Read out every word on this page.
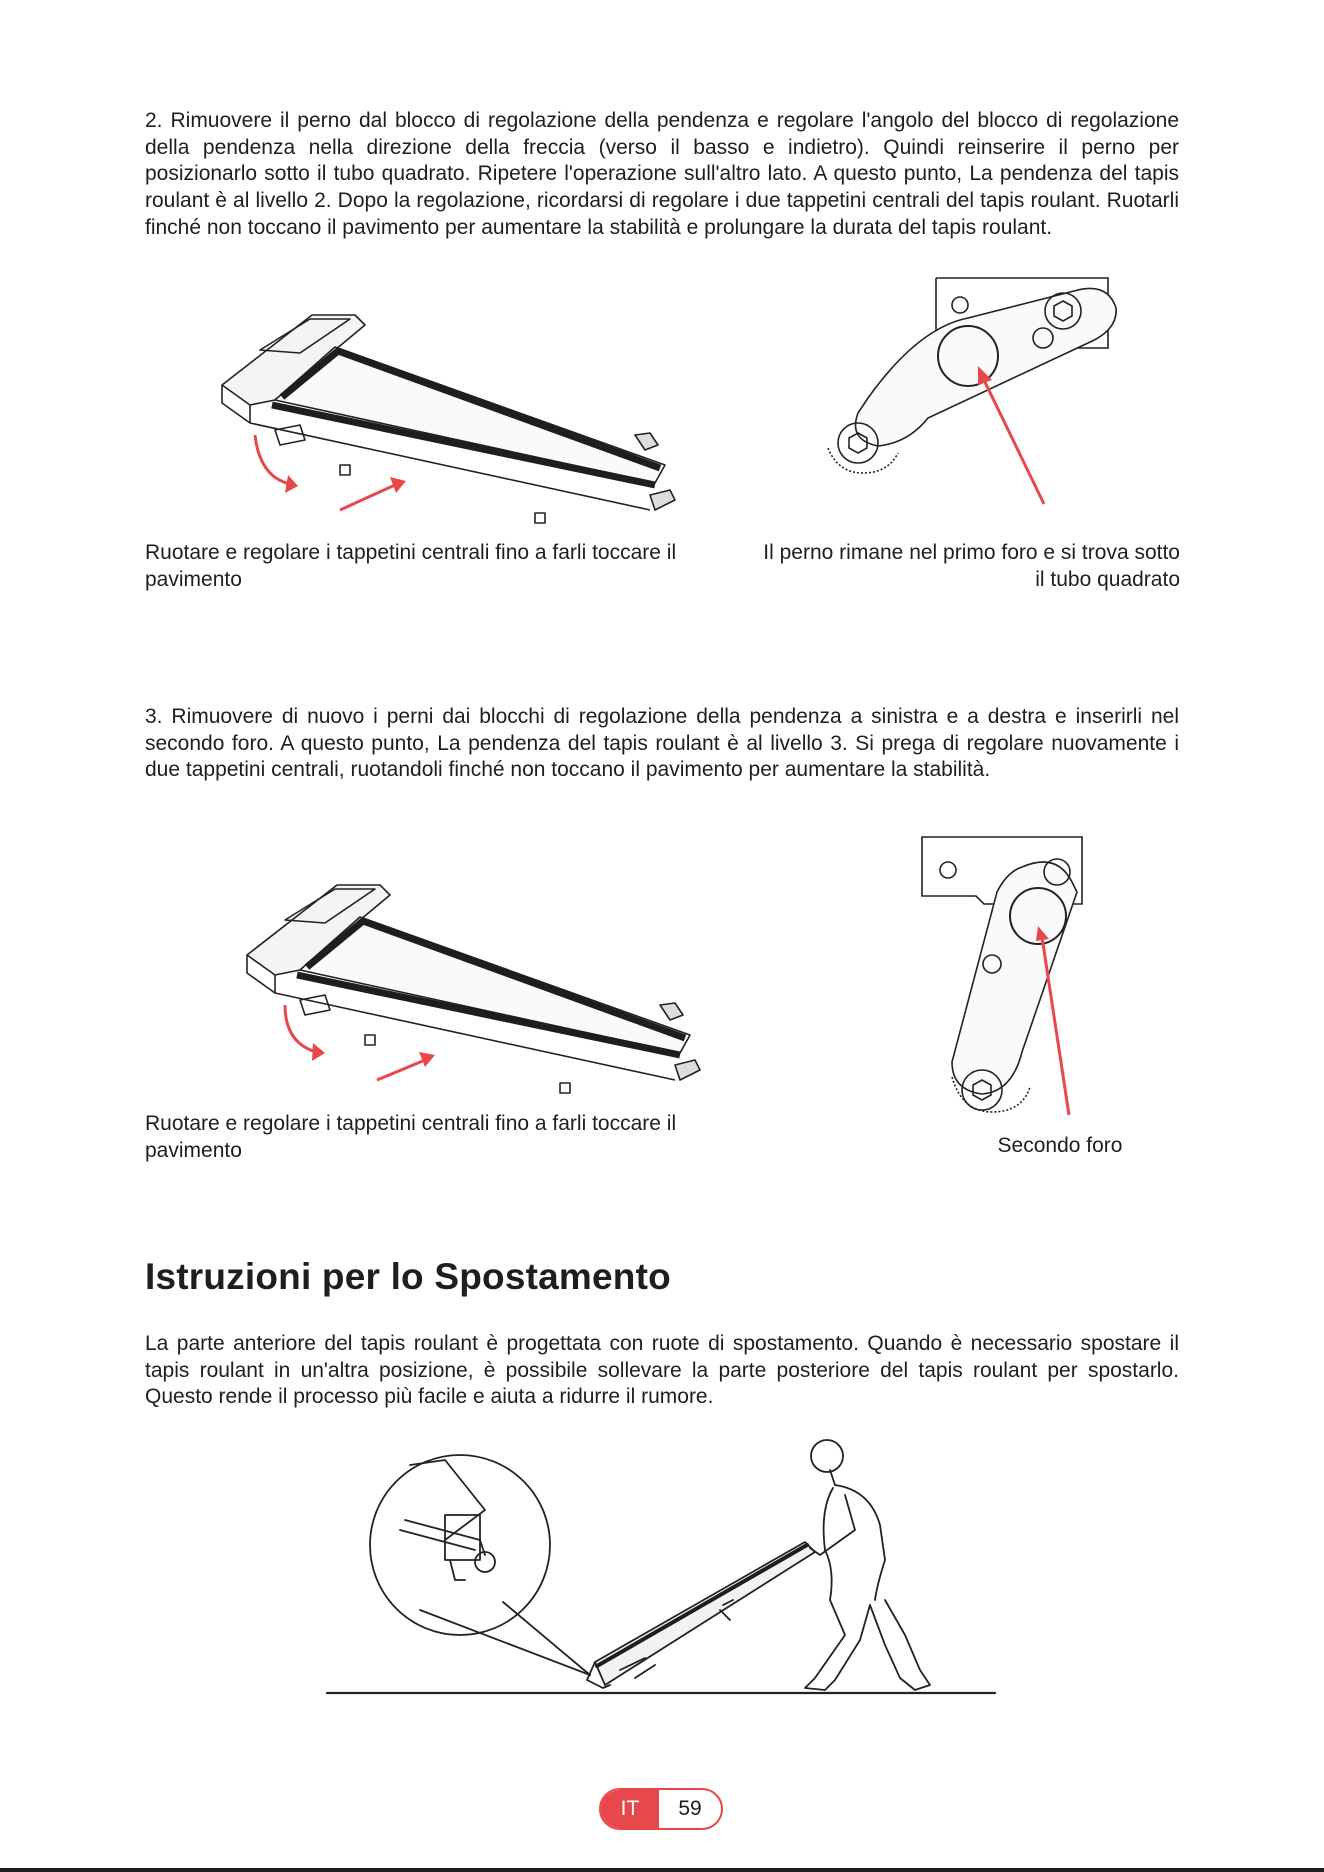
2. Rimuovere il perno dal blocco di regolazione della pendenza e regolare l'angolo del blocco di regolazione della pendenza nella direzione della freccia (verso il basso e indietro). Quindi reinserire il perno per posizionarlo sotto il tubo quadrato. Ripetere l'operazione sull'altro lato. A questo punto, La pendenza del tapis roulant è al livello 2. Dopo la regolazione, ricordarsi di regolare i due tappetini centrali del tapis roulant. Ruotarli finché non toccano il pavimento per aumentare la stabilità e prolungare la durata del tapis roulant.

Ruotare e regolare i tappetini centrali fino a farli toccare il pavimento

Il perno rimane nel primo foro e si trova sotto il tubo quadrato

3. Rimuovere di nuovo i perni dai blocchi di regolazione della pendenza a sinistra e a destra e inserirli nel secondo foro. A questo punto, La pendenza del tapis roulant è al livello 3. Si prega di regolare nuovamente i due tappetini centrali, ruotandoli finché non toccano il pavimento per aumentare la stabilità.

Ruotare e regolare i tappetini centrali fino a farli toccare il pavimento	Secondo foro

Istruzioni per lo Spostamento

La parte anteriore del tapis roulant è progettata con ruote di spostamento. Quando è necessario spostare il tapis roulant in un'altra posizione, è possibile sollevare la parte posteriore del tapis roulant per spostarlo. Questo rende il processo più facile e aiuta a ridurre il rumore.

IT	59
